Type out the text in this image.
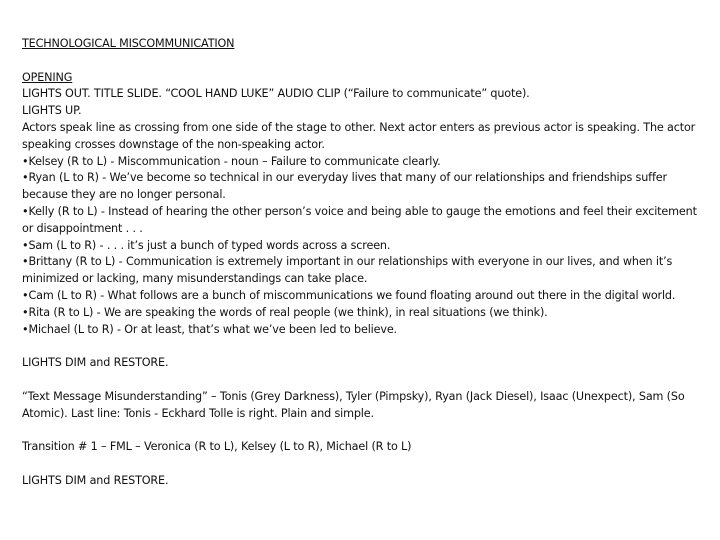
TECHNOLOGICAL MISCOMMUNICATION

OPENING

LIGHTS OUT. TITLE SLIDE. “COOL HAND LUKE” AUDIO CLIP (“Failure to communicate” quote).

LIGHTS UP.

Actors speak line as crossing from one side of the stage to other. Next actor enters as previous actor is speaking. The actor speaking crosses downstage of the non-speaking actor.

•Kelsey (R to L) - Miscommunication - noun – Failure to communicate clearly.

•Ryan (L to R) - We’ve become so technical in our everyday lives that many of our relationships and friendships suffer because they are no longer personal.

•Kelly (R to L) - Instead of hearing the other person’s voice and being able to gauge the emotions and feel their excitement or disappointment . . .

•Sam (L to R) - . . . it’s just a bunch of typed words across a screen.

•Brittany (R to L) - Communication is extremely important in our relationships with everyone in our lives, and when it’s minimized or lacking, many misunderstandings can take place.

•Cam (L to R) - What follows are a bunch of miscommunications we found floating around out there in the digital world.

•Rita (R to L) - We are speaking the words of real people (we think), in real situations (we think).

•Michael (L to R) - Or at least, that’s what we’ve been led to believe.

LIGHTS DIM and RESTORE.

“Text Message Misunderstanding” – Tonis (Grey Darkness), Tyler (Pimpsky), Ryan (Jack Diesel), Isaac (Unexpect), Sam (So Atomic). Last line: Tonis - Eckhard Tolle is right. Plain and simple.

Transition # 1 – FML – Veronica (R to L), Kelsey (L to R), Michael (R to L)

LIGHTS DIM and RESTORE.
